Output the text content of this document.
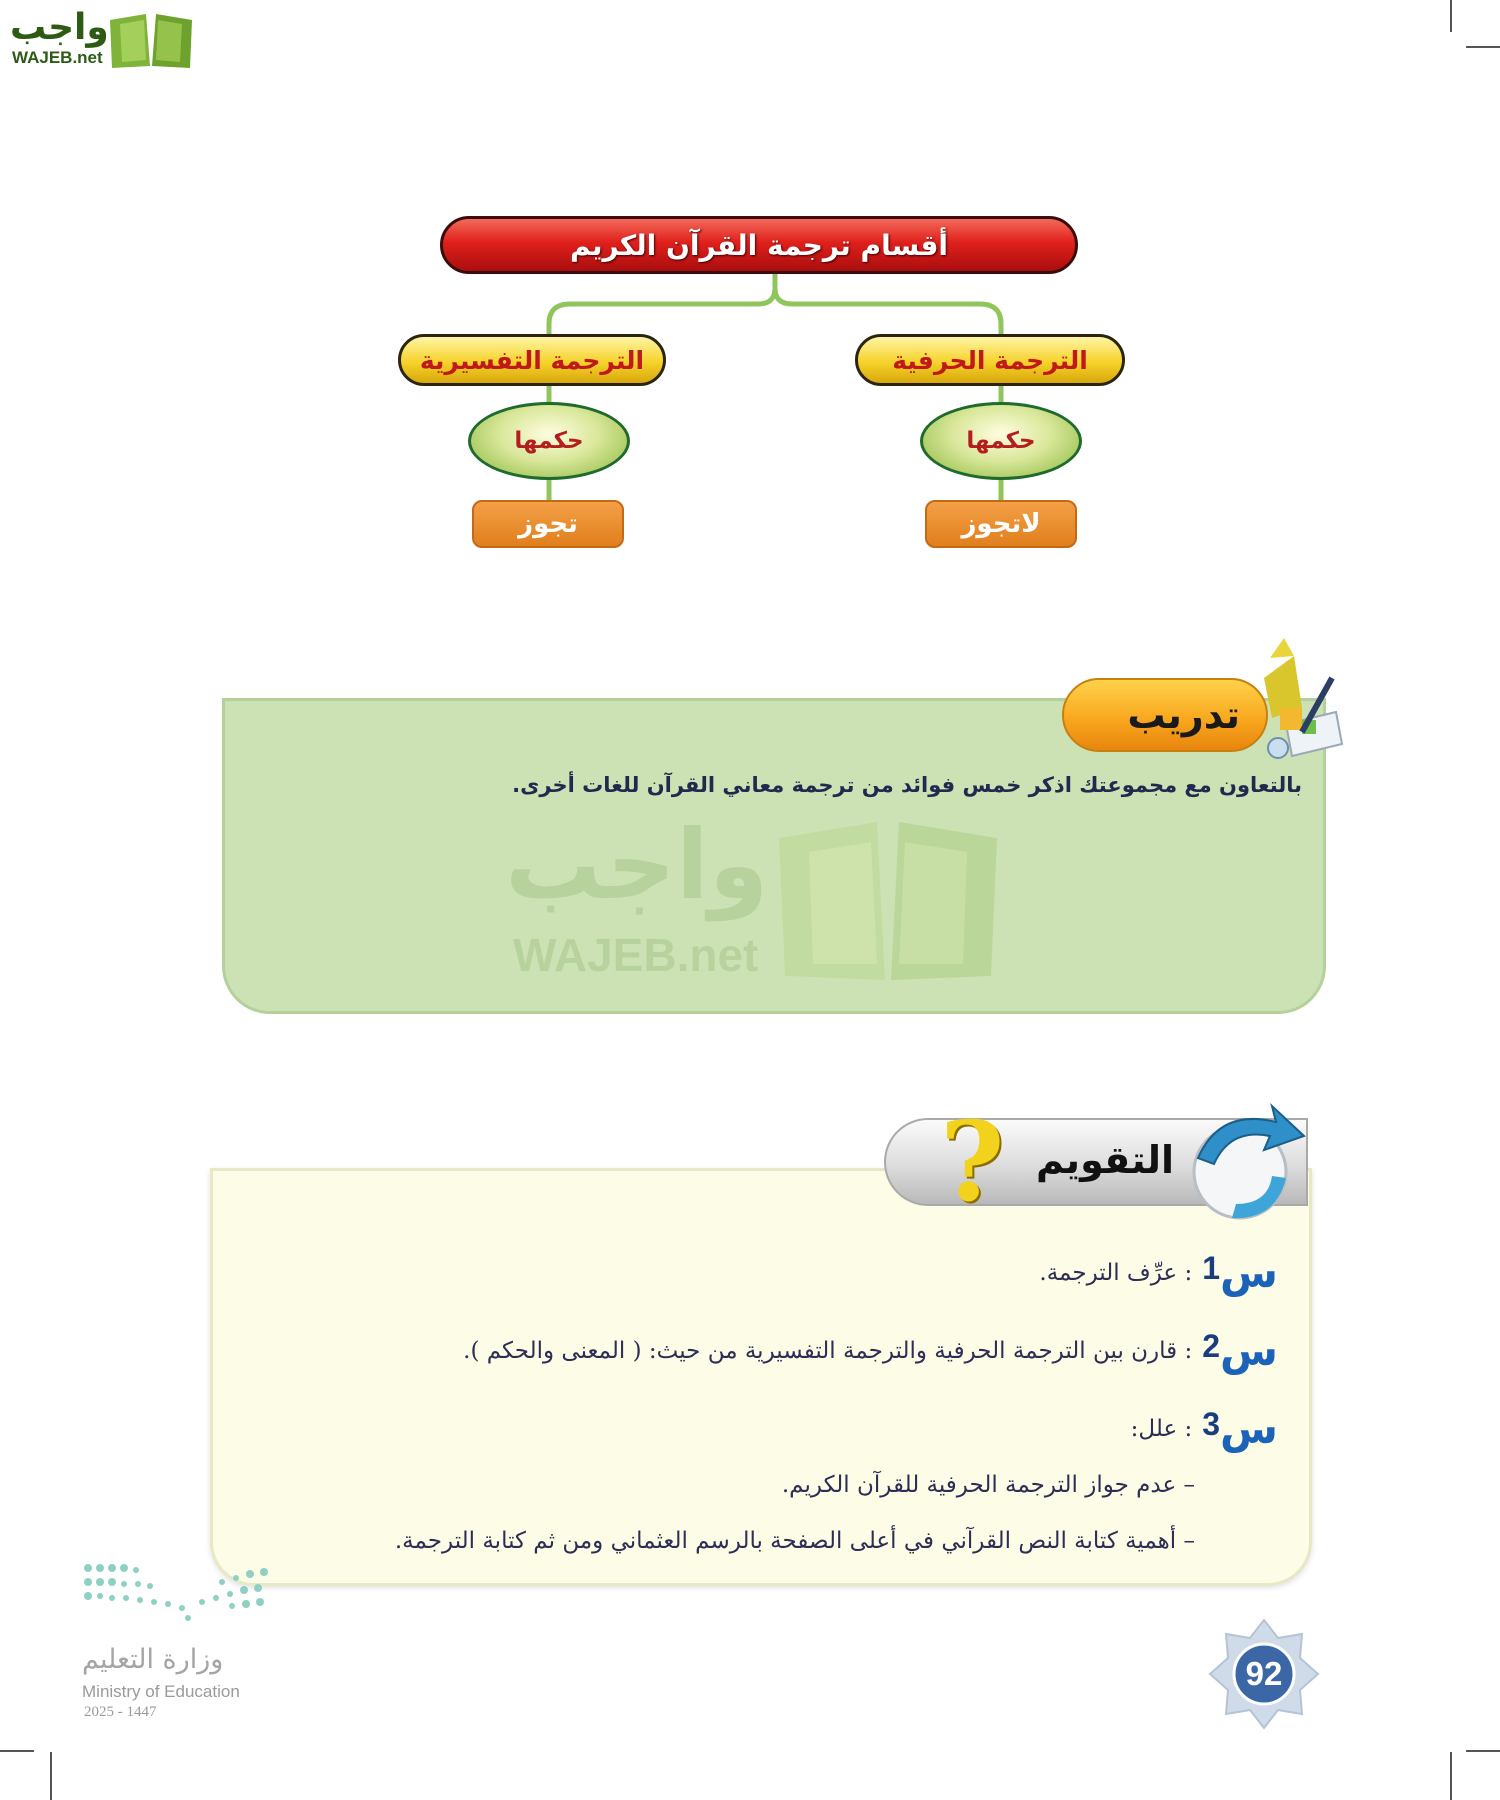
واجب
WAJEB.net
أقسام ترجمة القرآن الكريم
الترجمة الحرفية
الترجمة التفسيرية
حكمها
حكمها
لاتجوز
تجوز
تدريب
بالتعاون مع مجموعتك اذكر خمس فوائد من ترجمة معاني القرآن للغات أخرى.
واجب
WAJEB.net
التقويم
?
س1
: عرِّف الترجمة.
س2
: قارن بين الترجمة الحرفية والترجمة التفسيرية من حيث: ( المعنى والحكم ).
س3
: علل:
– عدم جواز الترجمة الحرفية للقرآن الكريم.
– أهمية كتابة النص القرآني في أعلى الصفحة بالرسم العثماني ومن ثم كتابة الترجمة.
وزارة التعليم
Ministry of Education
2025 - 1447
92
